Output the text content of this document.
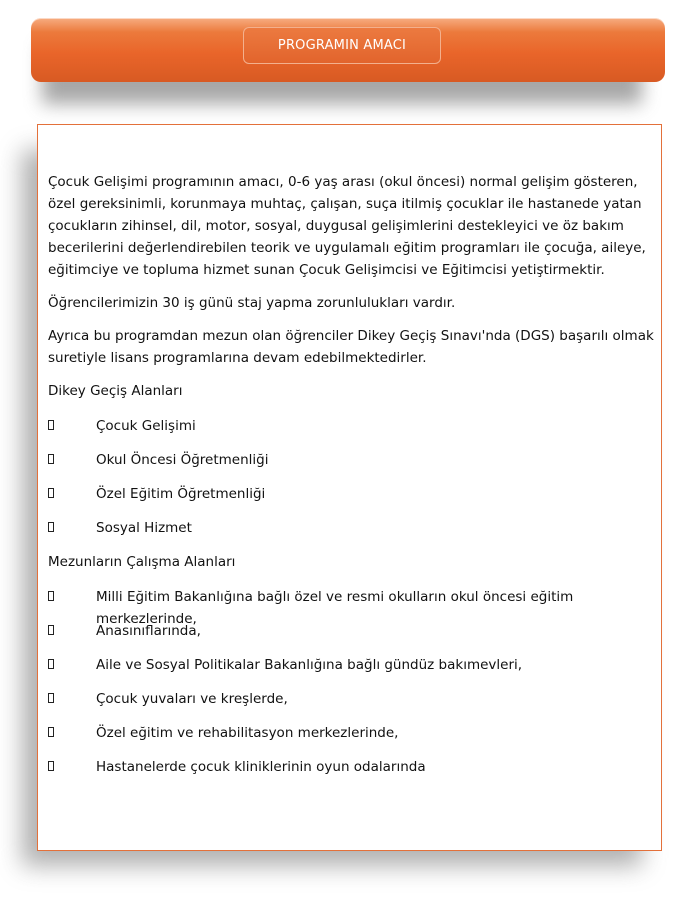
PROGRAMIN AMACI

Çocuk Gelişimi programının amacı, 0-6 yaş arası (okul öncesi) normal gelişim gösteren, özel gereksinimli, korunmaya muhtaç, çalışan, suça itilmiş çocuklar ile hastanede yatan çocukların zihinsel, dil, motor, sosyal, duygusal gelişimlerini destekleyici ve öz bakım becerilerini değerlendirebilen teorik ve uygulamalı eğitim programları ile çocuğa, aileye, eğitimciye ve topluma hizmet sunan Çocuk Gelişimcisi ve Eğitimcisi yetiştirmektir.

Öğrencilerimizin 30 iş günü staj yapma zorunlulukları vardır.

Ayrıca bu programdan mezun olan öğrenciler Dikey Geçiş Sınavı'nda (DGS) başarılı olmak suretiyle lisans programlarına devam edebilmektedirler.

Dikey Geçiş Alanları

Çocuk Gelişimi
Okul Öncesi Öğretmenliği
Özel Eğitim Öğretmenliği
Sosyal Hizmet

Mezunların Çalışma Alanları

Milli Eğitim Bakanlığına bağlı özel ve resmi okulların okul öncesi eğitim merkezlerinde,
Anasınıflarında,
Aile ve Sosyal Politikalar Bakanlığına bağlı gündüz bakımevleri,
Çocuk yuvaları ve kreşlerde,
Özel eğitim ve rehabilitasyon merkezlerinde,
Hastanelerde çocuk kliniklerinin oyun odalarında
